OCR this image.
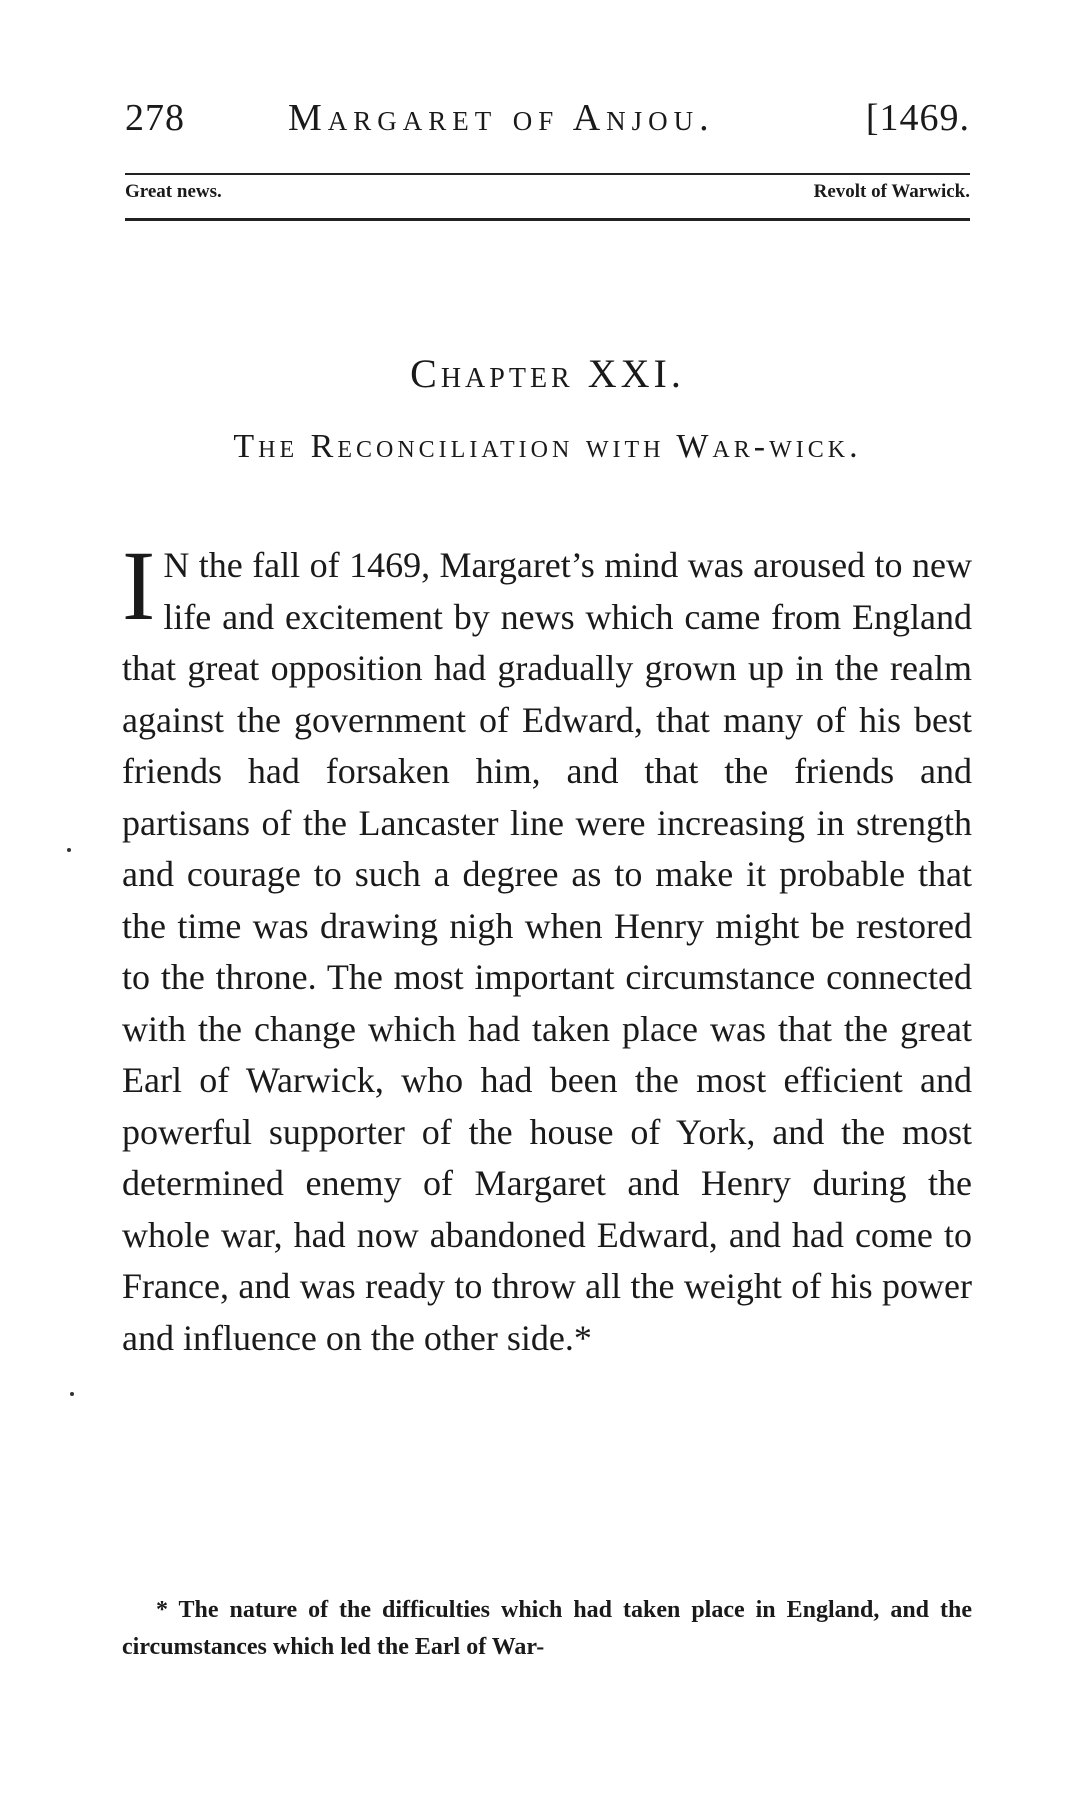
278	Margaret of Anjou.	[1469.
Great news.	Revolt of Warwick.
Chapter XXI.
The Reconciliation with War-wick.
I N the fall of 1469, Margaret’s mind was aroused to new life and excitement by news which came from England that great opposition had gradually grown up in the realm against the government of Edward, that many of his best friends had forsaken him, and that the friends and partisans of the Lancaster line were increasing in strength and courage to such a degree as to make it probable that the time was drawing nigh when Henry might be restored to the throne. The most important circumstance connected with the change which had taken place was that the great Earl of Warwick, who had been the most efficient and powerful supporter of the house of York, and the most determined enemy of Margaret and Henry during the whole war, had now abandoned Edward, and had come to France, and was ready to throw all the weight of his power and influence on the other side.*
* The nature of the difficulties which had taken place in England, and the circumstances which led the Earl of War-
